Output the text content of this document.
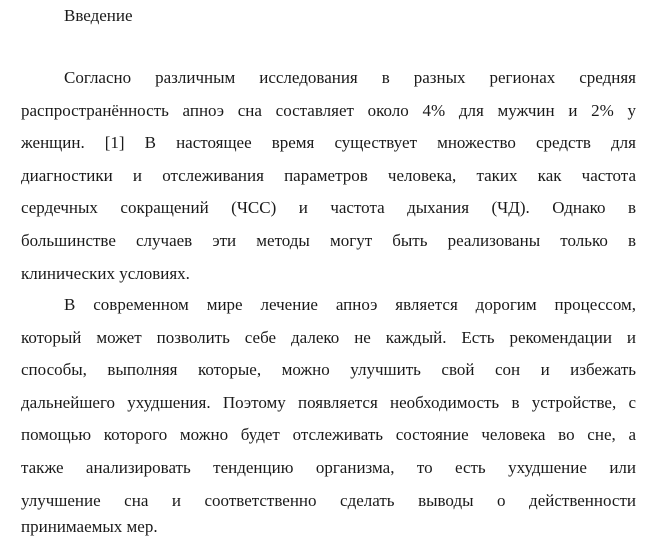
Введение
Согласно различным исследования в разных регионах средняя
распространённость апноэ сна составляет около 4% для мужчин и 2% у
женщин. [1] В настоящее время существует множество средств для
диагностики и отслеживания параметров человека, таких как частота
сердечных сокращений (ЧСС) и частота дыхания (ЧД). Однако в
большинстве случаев эти методы могут быть реализованы только в
клинических условиях.
В современном мире лечение апноэ является дорогим процессом,
который может позволить себе далеко не каждый. Есть рекомендации и
способы, выполняя которые, можно улучшить свой сон и избежать
дальнейшего ухудшения. Поэтому появляется необходимость в устройстве, с
помощью которого можно будет отслеживать состояние человека во сне, а
также анализировать тенденцию организма, то есть ухудшение или
улучшение сна и соответственно сделать выводы о действенности
принимаемых мер.
